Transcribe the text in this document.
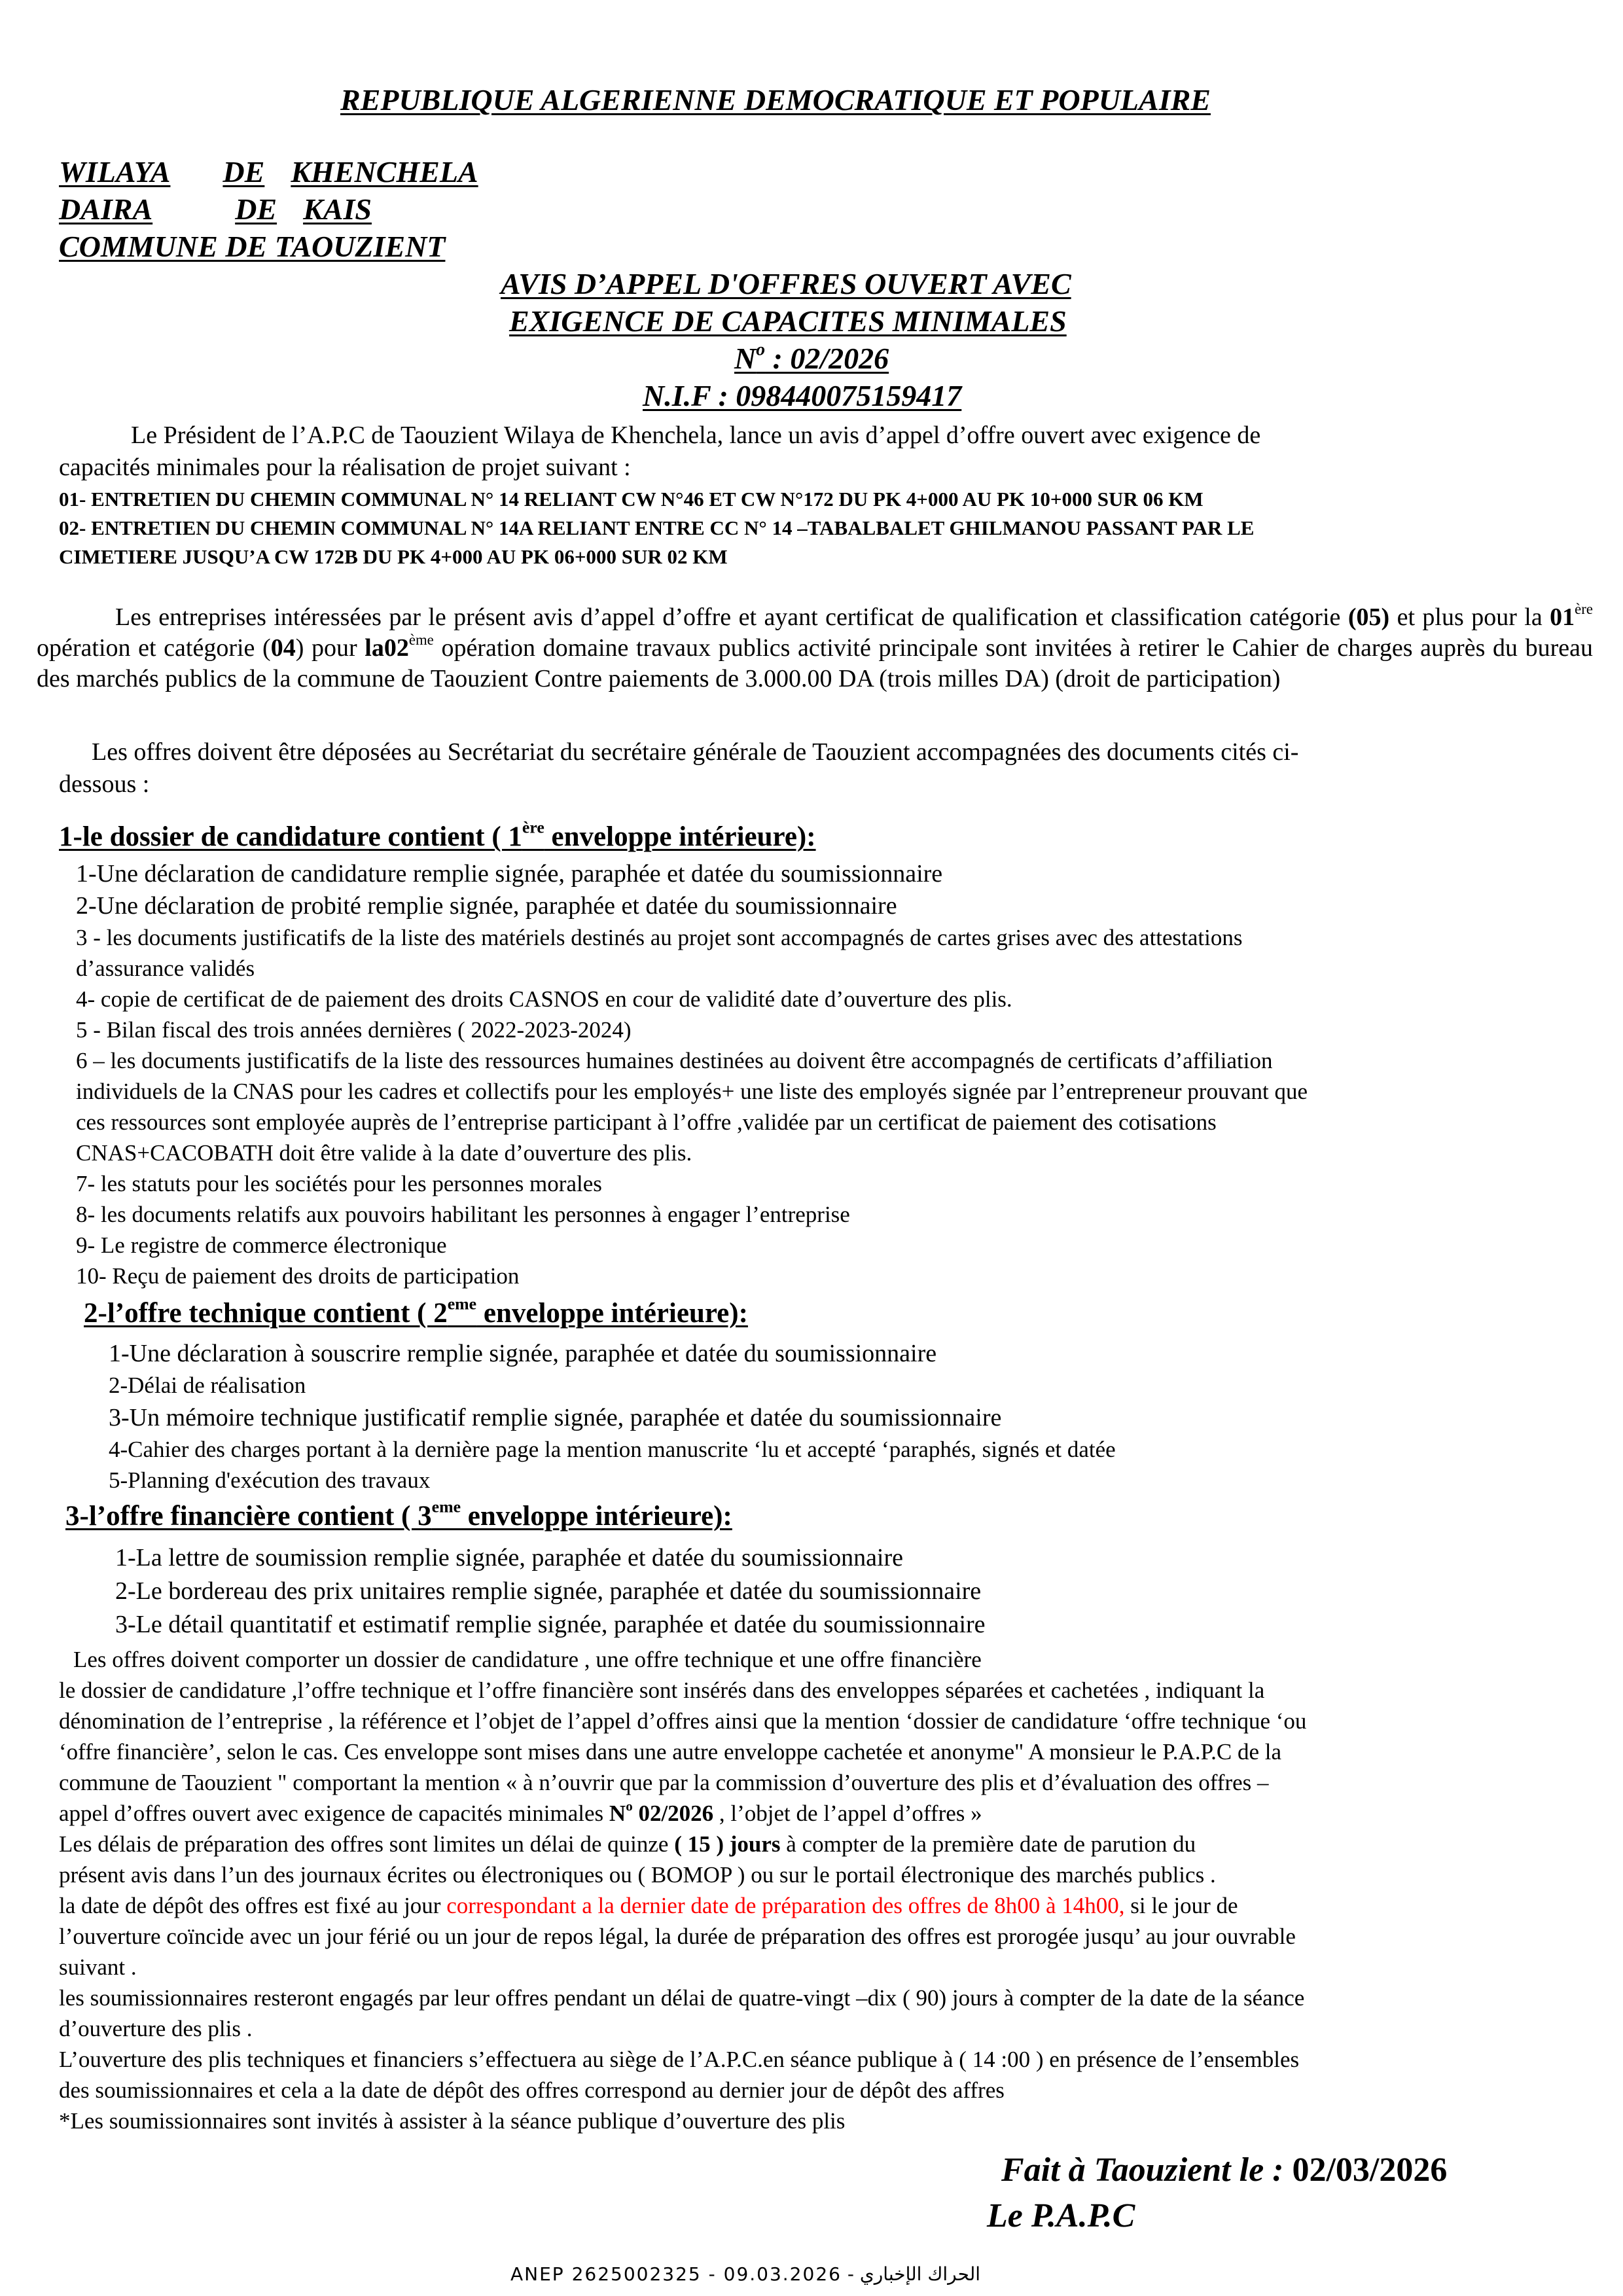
REPUBLIQUE ALGERIENNE DEMOCRATIQUE ET POPULAIRE
WILAYA DE KHENCHELA
DAIRA	DE KAIS
COMMUNE DE TAOUZIENT
AVIS D’APPEL D'OFFRES OUVERT AVEC
EXIGENCE DE CAPACITES MINIMALES
$N^o$ : 02/2026
N.I.F : 098440075159417
Le Président de l’A.P.C de Taouzient Wilaya de Khenchela, lance un avis d’appel d’offre ouvert avec exigence de
capacités minimales pour la réalisation de projet suivant :
01- ENTRETIEN DU CHEMIN COMMUNAL N° 14 RELIANT CW N°46 ET CW N°172 DU PK 4+000 AU PK 10+000 SUR 06 KM
02- ENTRETIEN DU CHEMIN COMMUNAL N° 14A RELIANT ENTRE CC N° 14 –TABALBALET GHILMANOU PASSANT PAR LE
CIMETIERE JUSQU’A CW 172B DU PK 4+000 AU PK 06+000 SUR 02 KM
Les entreprises intéressées par le présent avis d’appel d’offre et ayant certificat de qualification et classification catégorie (05) et plus pour la 01ère opération et catégorie (04) pour la02ème opération domaine travaux publics activité principale sont invitées à retirer le Cahier de charges auprès du bureau des marchés publics de la commune de Taouzient Contre paiements de 3.000.00 DA (trois milles DA) (droit de participation)
Les offres doivent être déposées au Secrétariat du secrétaire générale de Taouzient accompagnées des documents cités ci-
dessous :
1-le dossier de candidature contient ( 1ère enveloppe intérieure):
1-Une déclaration de candidature remplie signée, paraphée et datée du soumissionnaire
2-Une déclaration de probité remplie signée, paraphée et datée du soumissionnaire
3 - les documents justificatifs de la liste des matériels destinés au projet sont accompagnés de cartes grises avec des attestations
d’assurance validés
4- copie de certificat de de paiement des droits CASNOS en cour de validité date d’ouverture des plis.
5 - Bilan fiscal des trois années dernières ( 2022-2023-2024)
6 – les documents justificatifs de la liste des ressources humaines destinées au doivent être accompagnés de certificats d’affiliation
individuels de la CNAS pour les cadres et collectifs pour les employés+ une liste des employés signée par l’entrepreneur prouvant que
ces ressources sont employée auprès de l’entreprise participant à l’offre ,validée par un certificat de paiement des cotisations
CNAS+CACOBATH doit être valide à la date d’ouverture des plis.
7- les statuts pour les sociétés pour les personnes morales
8- les documents relatifs aux pouvoirs habilitant les personnes à engager l’entreprise
9- Le registre de commerce électronique
10- Reçu de paiement des droits de participation
2-l’offre technique contient ( 2eme enveloppe intérieure):
1-Une déclaration à souscrire remplie signée, paraphée et datée du soumissionnaire
2-Délai de réalisation
3-Un mémoire technique justificatif remplie signée, paraphée et datée du soumissionnaire
4-Cahier des charges portant à la dernière page la mention manuscrite ‘lu et accepté ‘paraphés, signés et datée
5-Planning d'exécution des travaux
3-l’offre financière contient ( 3eme enveloppe intérieure):
1-La lettre de soumission remplie signée, paraphée et datée du soumissionnaire
2-Le bordereau des prix unitaires remplie signée, paraphée et datée du soumissionnaire
3-Le détail quantitatif et estimatif remplie signée, paraphée et datée du soumissionnaire
Les offres doivent comporter un dossier de candidature , une offre technique et une offre financière
le dossier de candidature ,l’offre technique et l’offre financière sont insérés dans des enveloppes séparées et cachetées , indiquant la
dénomination de l’entreprise , la référence et l’objet de l’appel d’offres ainsi que la mention ‘dossier de candidature ‘offre technique ‘ou
‘offre financière’, selon le cas. Ces enveloppe sont mises dans une autre enveloppe cachetée et anonyme" A monsieur le P.A.P.C de la
commune de Taouzient " comportant la mention « à n’ouvrir que par la commission d’ouverture des plis et d’évaluation des offres –
appel d’offres ouvert avec exigence de capacités minimales $N^o$ 02/2026 , l’objet de l’appel d’offres »
Les délais de préparation des offres sont limites un délai de quinze ( 15 ) jours à compter de la première date de parution du
présent avis dans l’un des journaux écrites ou électroniques ou ( BOMOP ) ou sur le portail électronique des marchés publics .
la date de dépôt des offres est fixé au jour correspondant a la dernier date de préparation des offres de 8h00 à 14h00, si le jour de
l’ouverture coïncide avec un jour férié ou un jour de repos légal, la durée de préparation des offres est prorogée jusqu’ au jour ouvrable
suivant .
les soumissionnaires resteront engagés par leur offres pendant un délai de quatre-vingt –dix ( 90) jours à compter de la date de la séance
d’ouverture des plis .
L’ouverture des plis techniques et financiers s’effectuera au siège de l’A.P.C.en séance publique à ( 14 :00 ) en présence de l’ensembles
des soumissionnaires et cela a la date de dépôt des offres correspond au dernier jour de dépôt des affres
*Les soumissionnaires sont invités à assister à la séance publique d’ouverture des plis
Fait à Taouzient le : 02/03/2026
Le P.A.P.C
الحراك الإخباري - ANEP 2625002325 - 09.03.2026
